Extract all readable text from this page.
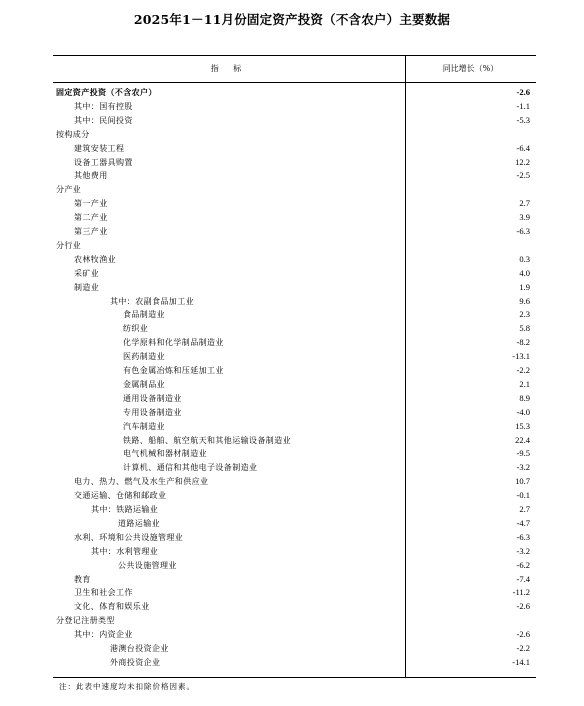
2025年1－11月份固定资产投资（不含农户）主要数据
指 标	同比增长（%）
固定资产投资（不含农户）	-2.6
其中：国有控股	-1.1
其中：民间投资	-5.3
按构成分
建筑安装工程	-6.4
设备工器具购置	12.2
其他费用	-2.5
分产业
第一产业	2.7
第二产业	3.9
第三产业	-6.3
分行业
农林牧渔业	0.3
采矿业	4.0
制造业	1.9
其中：农副食品加工业	9.6
食品制造业	2.3
纺织业	5.8
化学原料和化学制品制造业	-8.2
医药制造业	-13.1
有色金属冶炼和压延加工业	-2.2
金属制品业	2.1
通用设备制造业	8.9
专用设备制造业	-4.0
汽车制造业	15.3
铁路、船舶、航空航天和其他运输设备制造业	22.4
电气机械和器材制造业	-9.5
计算机、通信和其他电子设备制造业	-3.2
电力、热力、燃气及水生产和供应业	10.7
交通运输、仓储和邮政业	-0.1
其中：铁路运输业	2.7
道路运输业	-4.7
水利、环境和公共设施管理业	-6.3
其中：水利管理业	-3.2
公共设施管理业	-6.2
教育	-7.4
卫生和社会工作	-11.2
文化、体育和娱乐业	-2.6
分登记注册类型
其中：内资企业	-2.6
港澳台投资企业	-2.2
外商投资企业	-14.1
注：此表中速度均未扣除价格因素。
